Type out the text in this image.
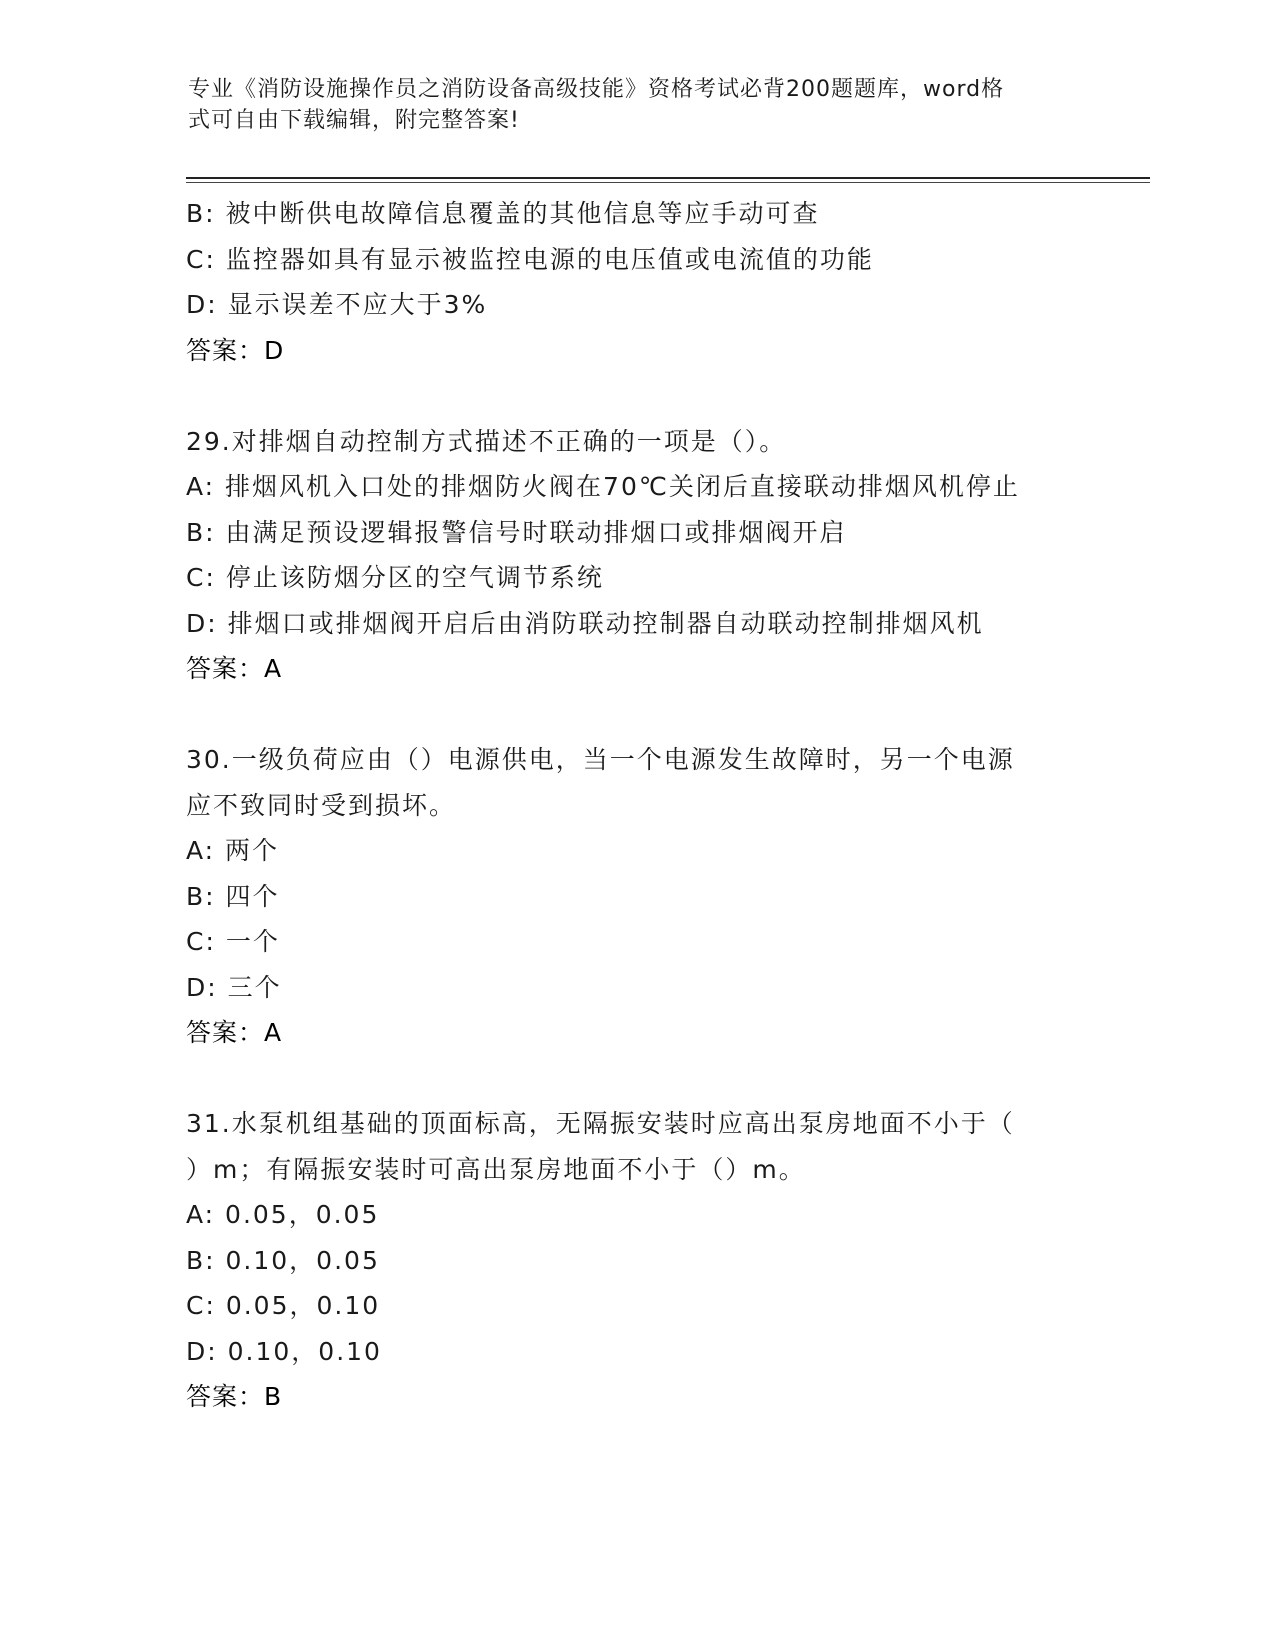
专业《消防设施操作员之消防设备高级技能》资格考试必背200题题库，word格
式可自由下载编辑，附完整答案!
B: 被中断供电故障信息覆盖的其他信息等应手动可查
C: 监控器如具有显示被监控电源的电压值或电流值的功能
D: 显示误差不应大于3%
答案：D
29.对排烟自动控制方式描述不正确的一项是（）。
A: 排烟风机入口处的排烟防火阀在70℃关闭后直接联动排烟风机停止
B: 由满足预设逻辑报警信号时联动排烟口或排烟阀开启
C: 停止该防烟分区的空气调节系统
D: 排烟口或排烟阀开启后由消防联动控制器自动联动控制排烟风机
答案：A
30.一级负荷应由（）电源供电，当一个电源发生故障时，另一个电源
应不致同时受到损坏。
A: 两个
B: 四个
C: 一个
D: 三个
答案：A
31.水泵机组基础的顶面标高，无隔振安装时应高出泵房地面不小于（
）m；有隔振安装时可高出泵房地面不小于（）m。
A: 0.05，0.05
B: 0.10，0.05
C: 0.05，0.10
D: 0.10，0.10
答案：B
